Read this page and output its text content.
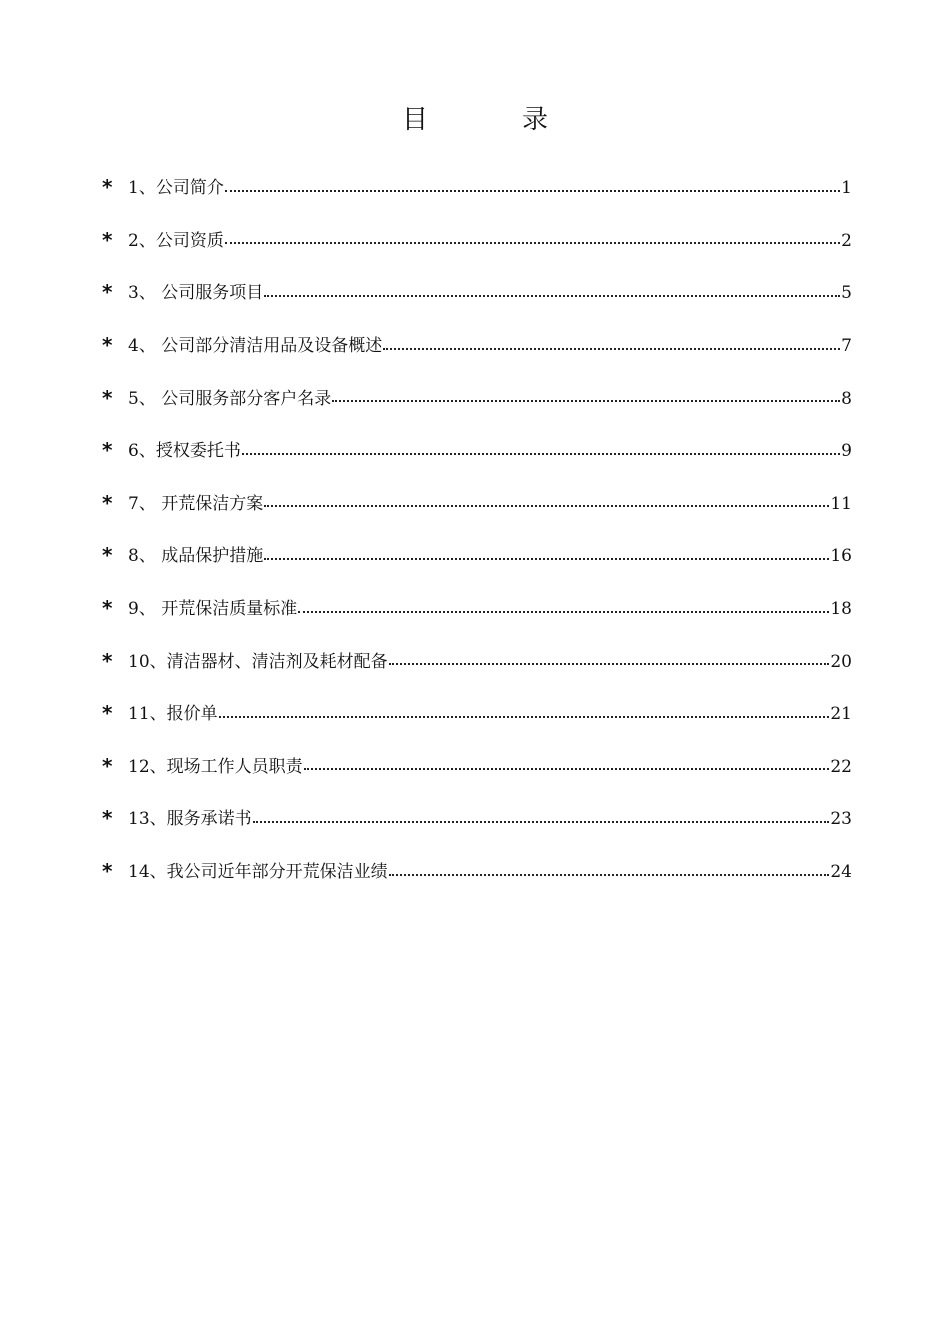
目　录
* 1、公司简介	1
* 2、公司资质	2
* 3、 公司服务项目	5
* 4、 公司部分清洁用品及设备概述	7
* 5、 公司服务部分客户名录	8
* 6、授权委托书	9
* 7、 开荒保洁方案	11
* 8、 成品保护措施	16
* 9、 开荒保洁质量标准	18
* 10、清洁器材、清洁剂及耗材配备	20
* 11、报价单	21
* 12、现场工作人员职责	22
* 13、服务承诺书	23
* 14、我公司近年部分开荒保洁业绩	24
